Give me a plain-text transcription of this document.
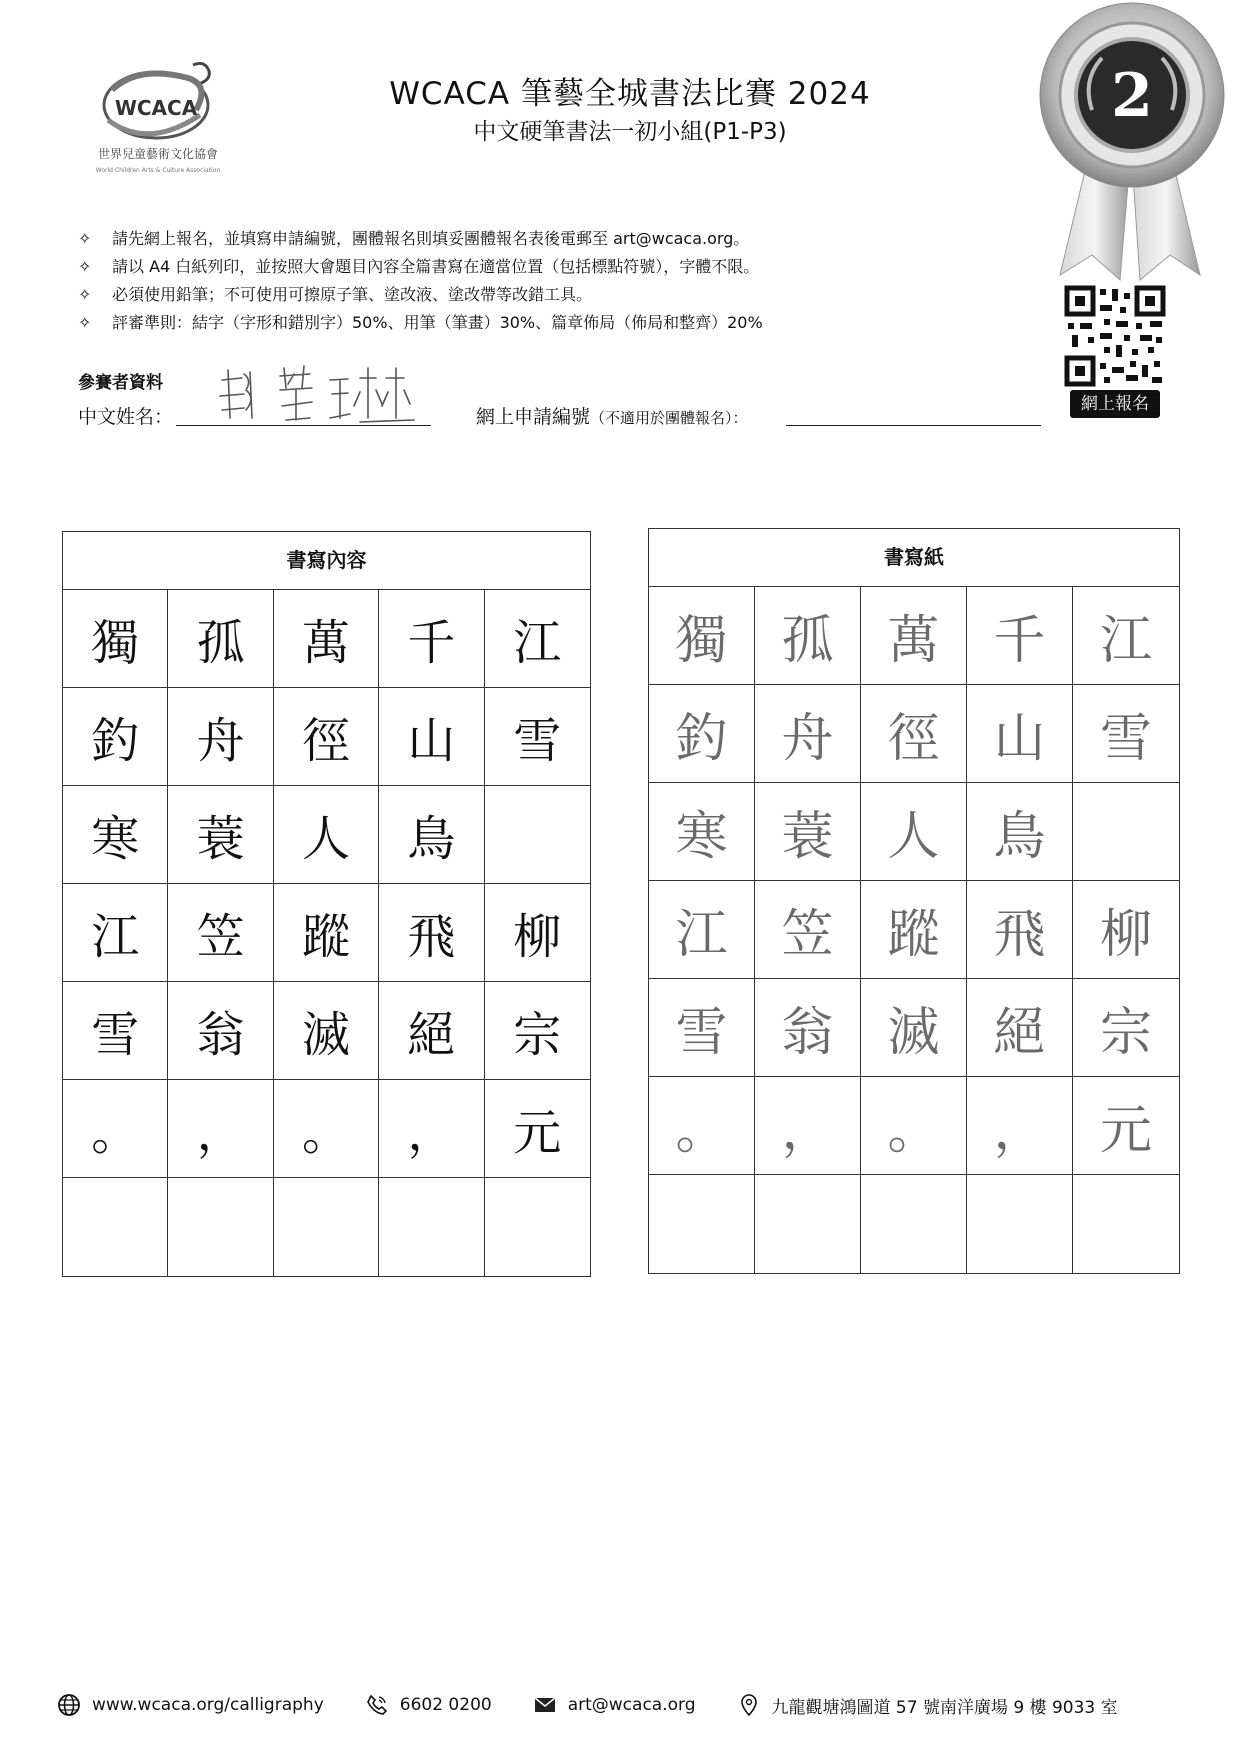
WCACA
世界兒童藝術文化協會
World Children Arts & Culture Association
WCACA 筆藝全城書法比賽 2024
中文硬筆書法一初小組(P1-P3)
2
網上報名
✧	請先網上報名，並填寫申請編號，團體報名則填妥團體報名表後電郵至 art@wcaca.org。
✧	請以 A4 白紙列印，並按照大會題目內容全篇書寫在適當位置（包括標點符號），字體不限。
✧	必須使用鉛筆；不可使用可擦原子筆、塗改液、塗改帶等改錯工具。
✧	評審準則：結字（字形和錯別字）50%、用筆（筆畫）30%、篇章佈局（佈局和整齊）20%
參賽者資料
中文姓名：	網上申請編號（不適用於團體報名）：
書寫內容
獨	孤	萬	千	江
釣	舟	徑	山	雪
寒	蓑	人	鳥
江	笠	蹤	飛	柳
雪	翁	滅	絕	宗
。	，	。	，	元
書寫紙
獨	孤	萬	千	江
釣	舟	徑	山	雪
寒	蓑	人	鳥
江	笠	蹤	飛	柳
雪	翁	滅	絕	宗
。	，	。	，	元
www.wcaca.org/calligraphy	6602 0200	art@wcaca.org	九龍觀塘鴻圖道 57 號南洋廣場 9 樓 9033 室
